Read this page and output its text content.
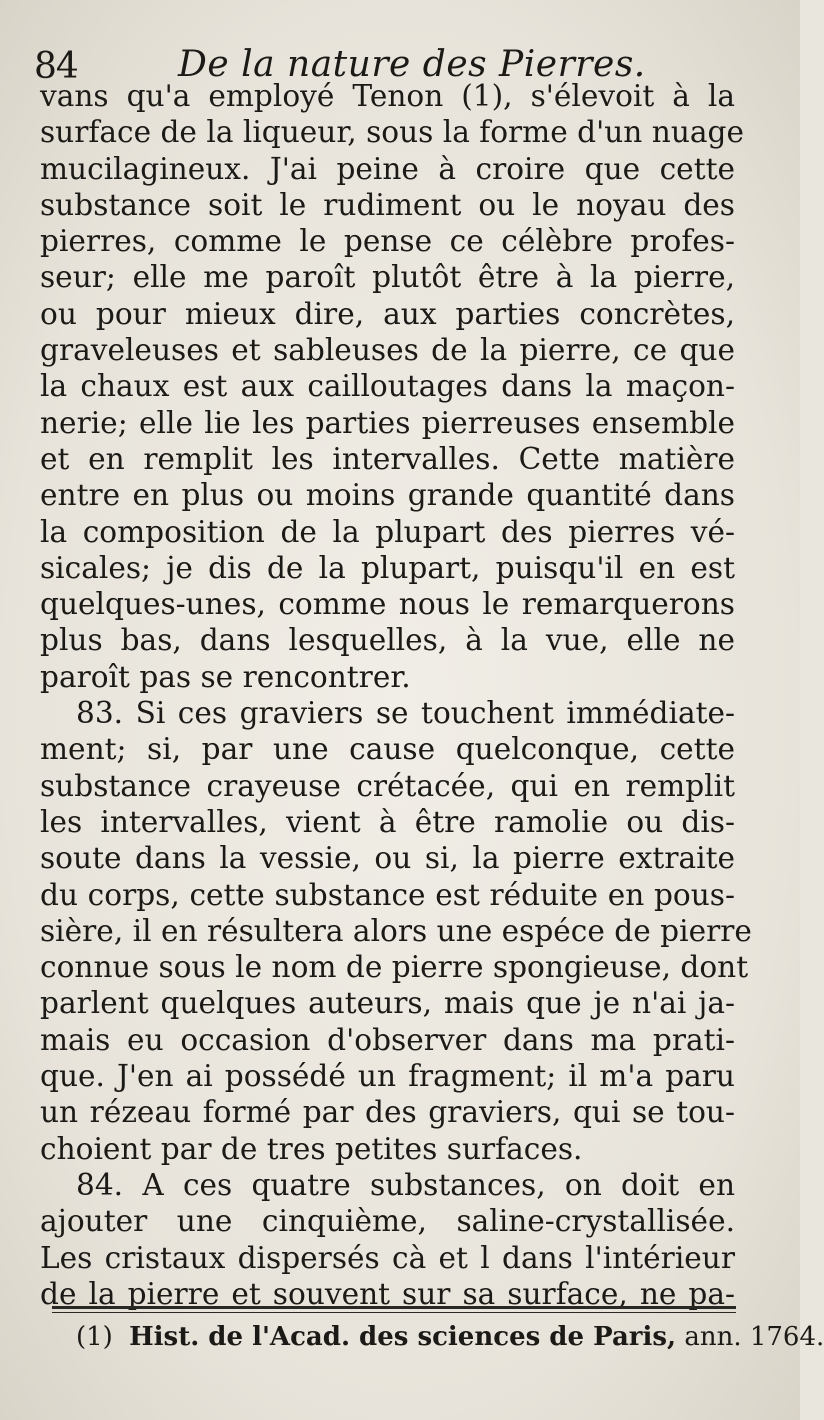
84	De la nature des Pierres.
vans qu'a employé Tenon (1), s'élevoit à la
surface de la liqueur, sous la forme d'un nuage
mucilagineux. J'ai peine à croire que cette
substance soit le rudiment ou le noyau des
pierres, comme le pense ce célèbre profes-
seur; elle me paroît plutôt être à la pierre,
ou pour mieux dire, aux parties concrètes,
graveleuses et sableuses de la pierre, ce que
la chaux est aux cailloutages dans la maçon-
nerie; elle lie les parties pierreuses ensemble
et en remplit les intervalles. Cette matière
entre en plus ou moins grande quantité dans
la composition de la plupart des pierres vé-
sicales; je dis de la plupart, puisqu'il en est
quelques-unes, comme nous le remarquerons
plus bas, dans lesquelles, à la vue, elle ne
paroît pas se rencontrer.
83. Si ces graviers se touchent immédiate-
ment; si, par une cause quelconque, cette
substance crayeuse crétacée, qui en remplit
les intervalles, vient à être ramolie ou dis-
soute dans la vessie, ou si, la pierre extraite
du corps, cette substance est réduite en pous-
sière, il en résultera alors une espéce de pierre
connue sous le nom de pierre spongieuse, dont
parlent quelques auteurs, mais que je n'ai ja-
mais eu occasion d'observer dans ma prati-
que. J'en ai possédé un fragment; il m'a paru
un rézeau formé par des graviers, qui se tou-
choient par de tres petites surfaces.
84. A ces quatre substances, on doit en
ajouter une cinquième, saline-crystallisée.
Les cristaux dispersés cà et l dans l'intérieur
de la pierre et souvent sur sa surface, ne pa-
(1) Hist. de l'Acad. des sciences de Paris, ann. 1764.
